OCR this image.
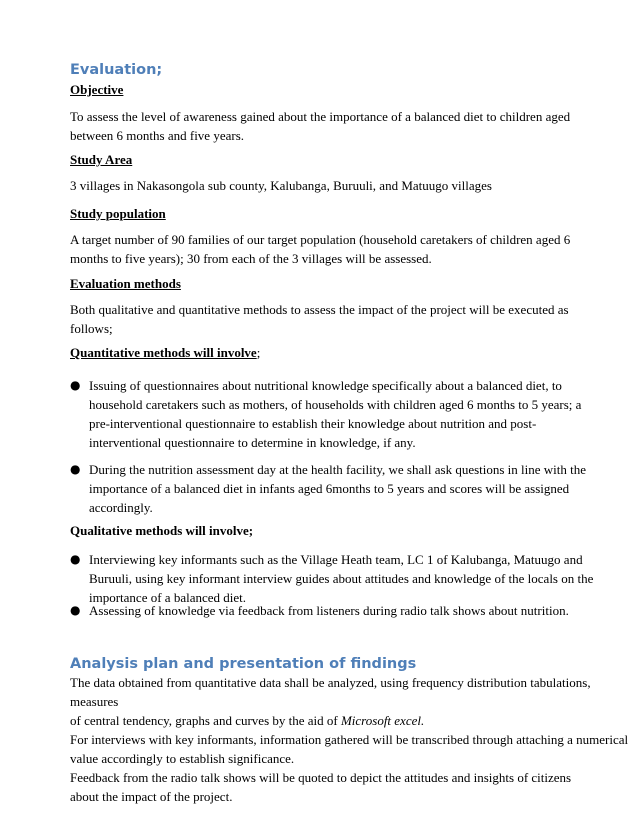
Evaluation;
Objective
To assess the level of awareness gained about the importance of a balanced diet to children aged
between 6 months and five years.
Study Area
3 villages in Nakasongola sub county, Kalubanga, Buruuli, and Matuugo villages
Study population
A target number of 90 families of our target population (household caretakers of children aged 6
months to five years); 30 from each of the 3 villages will be assessed.
Evaluation methods
Both qualitative and quantitative methods to assess the impact of the project will be executed as
follows;
Quantitative methods will involve;
● Issuing of questionnaires about nutritional knowledge specifically about a balanced diet, to
household caretakers such as mothers, of households with children aged 6 months to 5 years; a
pre-interventional questionnaire to establish their knowledge about nutrition and post-
interventional questionnaire to determine in knowledge, if any.
● During the nutrition assessment day at the health facility, we shall ask questions in line with the
importance of a balanced diet in infants aged 6months to 5 years and scores will be assigned
accordingly.
Qualitative methods will involve;
● Interviewing key informants such as the Village Heath team, LC 1 of Kalubanga, Matuugo and
Buruuli, using key informant interview guides about attitudes and knowledge of the locals on the
importance of a balanced diet.
● Assessing of knowledge via feedback from listeners during radio talk shows about nutrition.
Analysis plan and presentation of findings
The data obtained from quantitative data shall be analyzed, using frequency distribution tabulations, measures
of central tendency, graphs and curves by the aid of Microsoft excel.
For interviews with key informants, information gathered will be transcribed through attaching a numerical
value accordingly to establish significance.
Feedback from the radio talk shows will be quoted to depict the attitudes and insights of citizens
about the impact of the project.
